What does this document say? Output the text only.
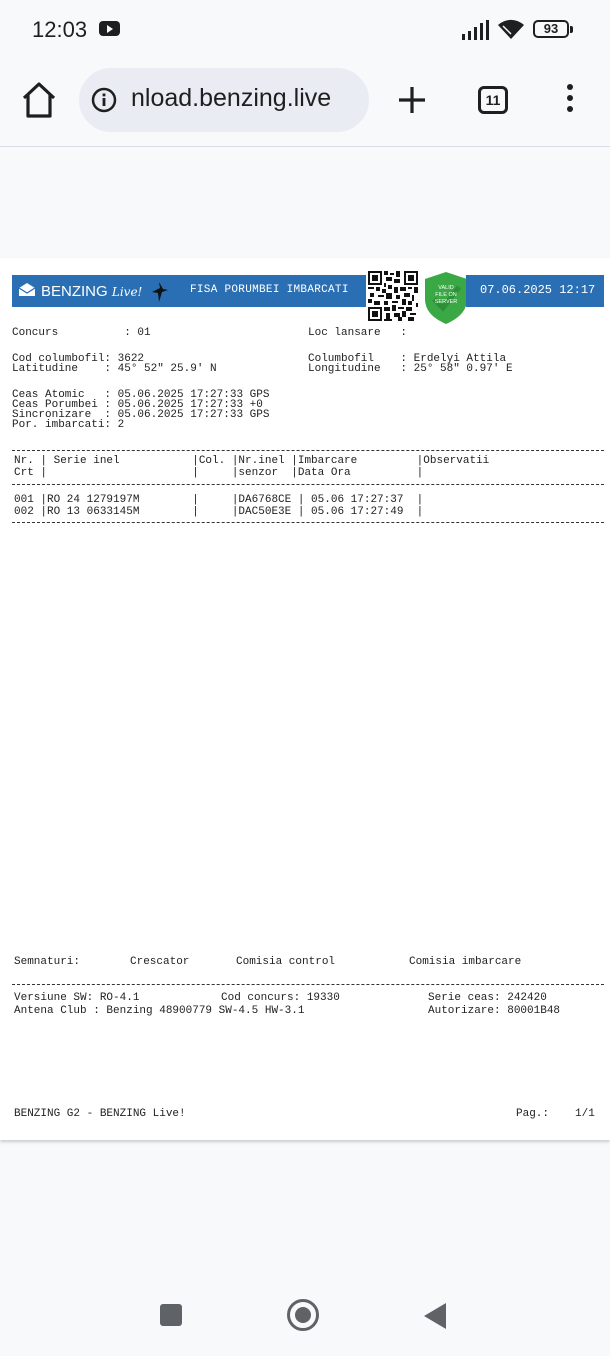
12:03	93
nload.benzing.live	11
BENZING Live!	FISA PORUMBEI IMBARCATI	VALID
FILE ON
SERVER
07.06.2025 12:17
Concurs          : 01	Loc lansare   :
Cod columbofil: 3622	Columbofil    : Erdelyi Attila
Latitudine    : 45° 52" 25.9' N	Longitudine   : 25° 58" 0.97' E
Ceas Atomic   : 05.06.2025 17:27:33 GPS
Ceas Porumbei : 05.06.2025 17:27:33 +0
Sincronizare  : 05.06.2025 17:27:33 GPS
Por. imbarcati: 2
Nr. | Serie inel           |Col. |Nr.inel |Imbarcare         |Observatii
Crt |                      |     |senzor  |Data Ora          |
001 |RO 24 1279197M        |     |DA6768CE | 05.06 17:27:37  |
002 |RO 13 0633145M        |     |DAC50E3E | 05.06 17:27:49  |
Semnaturi:	Crescator	Comisia control	Comisia imbarcare
Versiune SW: RO-4.1	Cod concurs: 19330	Serie ceas: 242420
Antena Club : Benzing 48900779 SW-4.5 HW-3.1	Autorizare: 80001B48
BENZING G2 - BENZING Live!	Pag.: 1/1
